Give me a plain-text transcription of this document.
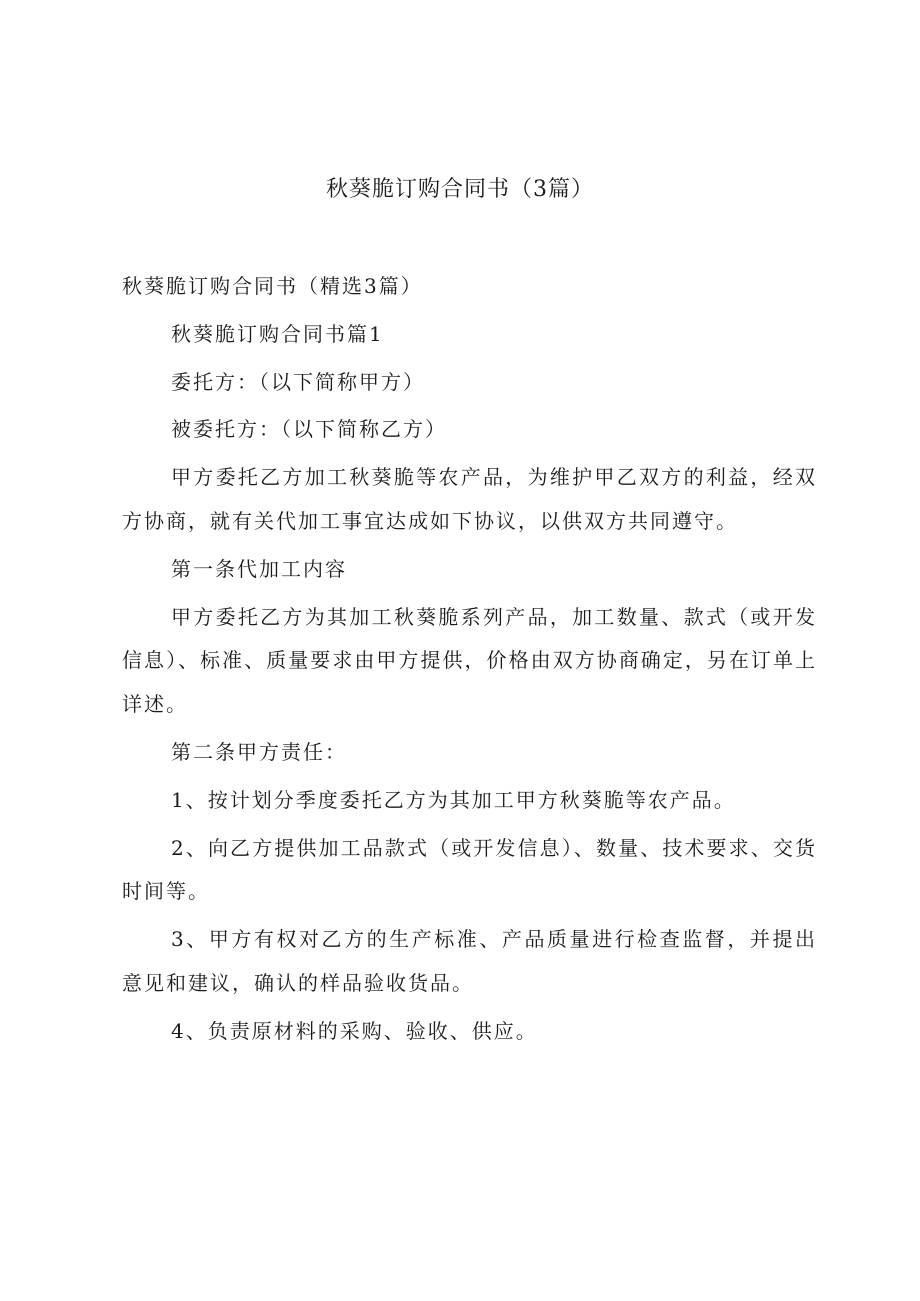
秋葵脆订购合同书（3篇）

秋葵脆订购合同书（精选3篇）

秋葵脆订购合同书篇1

委托方：（以下简称甲方）

被委托方：（以下简称乙方）

甲方委托乙方加工秋葵脆等农产品，为维护甲乙双方的利益，经双方协商，就有关代加工事宜达成如下协议，以供双方共同遵守。

第一条代加工内容

甲方委托乙方为其加工秋葵脆系列产品，加工数量、款式（或开发信息）、标准、质量要求由甲方提供，价格由双方协商确定，另在订单上详述。

第二条甲方责任：

1、按计划分季度委托乙方为其加工甲方秋葵脆等农产品。

2、向乙方提供加工品款式（或开发信息）、数量、技术要求、交货时间等。

3、甲方有权对乙方的生产标准、产品质量进行检查监督，并提出意见和建议，确认的样品验收货品。

4、负责原材料的采购、验收、供应。
